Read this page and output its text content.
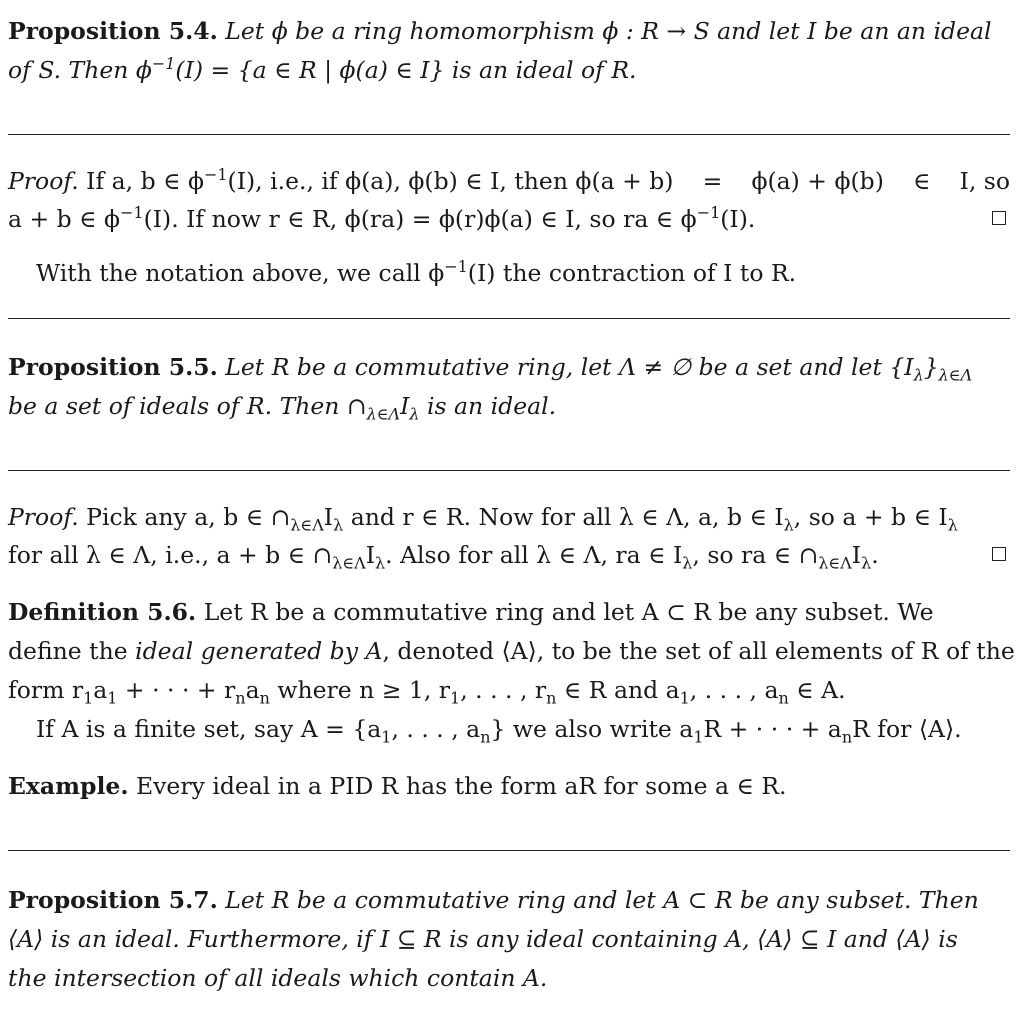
Proposition 5.4. Let ϕ be a ring homomorphism ϕ : R → S and let I be an an ideal
of S. Then $\phi^{-1}(I) = \{a$ ∈ R | ϕ(a) ∈ I} is an ideal of R.
Proof. If a, b ∈ $\phi^{-1}(I)$, i.e., if ϕ(a), ϕ(b) ∈ I, then ϕ(a + b) = ϕ(a) + ϕ(b) ∈ I, so
a + b ∈ $\phi^{-1}(I)$. If now r ∈ R, ϕ(ra) = ϕ(r)ϕ(a) ∈ I, so ra ∈ $\phi^{-1}(I)$.
With the notation above, we call $\phi^{-1}(I)$ the contraction of I to R.
Proposition 5.5. Let R be a commutative ring, let Λ ≠ ∅ be a set and let $\{I_\lambda\}_{\lambda\in\Lambda}$
be a set of ideals of R. Then $\cap_{\lambda\in\Lambda}I_\lambda$ is an ideal.
Proof. Pick any a, b ∈ $\cap_{\lambda\in\Lambda}I_\lambda$ and r ∈ R. Now for all λ ∈ Λ, a, b ∈ $I_\lambda$, so a + b ∈ $I_\lambda$
for all λ ∈ Λ, i.e., a + b ∈ $\cap_{\lambda\in\Lambda}I_\lambda$. Also for all λ ∈ Λ, ra ∈ $I_\lambda$, so ra ∈ $\cap_{\lambda\in\Lambda}I_\lambda$.
Definition 5.6. Let R be a commutative ring and let A ⊂ R be any subset. We
define the ideal generated by A, denoted ⟨A⟩, to be the set of all elements of R of the
form $r_1a_1$ + · · · + $r_na_n$ where n ≥ 1, $r_1$, . . . , $r_n$ ∈ R and $a_1$, . . . , $a_n$ ∈ A.
If A is a finite set, say $A = \{a_1$, . . . , $a_n$} we also write $a_1R$ + · · · + $a_nR$ for ⟨A⟩.
Example. Every ideal in a PID R has the form aR for some a ∈ R.
Proposition 5.7. Let R be a commutative ring and let A ⊂ R be any subset. Then
⟨A⟩ is an ideal. Furthermore, if I ⊆ R is any ideal containing A, ⟨A⟩ ⊆ I and ⟨A⟩ is
the intersection of all ideals which contain A.
